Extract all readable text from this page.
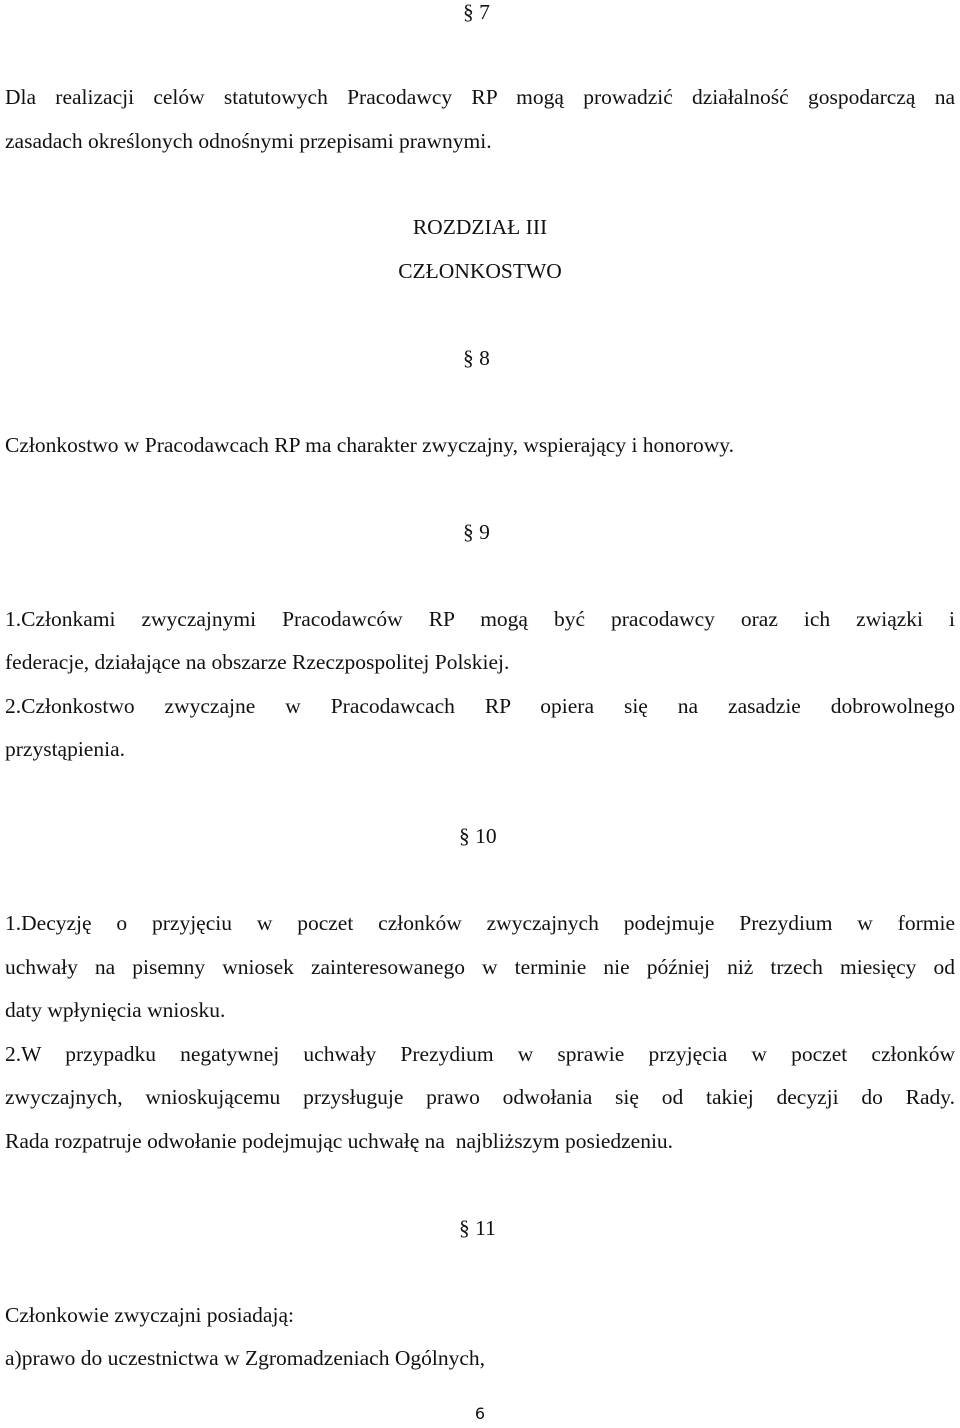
§ 7
Dla realizacji celów statutowych Pracodawcy RP mogą prowadzić działalność gospodarczą na
zasadach określonych odnośnymi przepisami prawnymi.
ROZDZIAŁ III
CZŁONKOSTWO
§ 8
Członkostwo w Pracodawcach RP ma charakter zwyczajny, wspierający i honorowy.
§ 9
1.Członkami zwyczajnymi Pracodawców RP mogą być pracodawcy oraz ich związki i
federacje, działające na obszarze Rzeczpospolitej Polskiej.
2.Członkostwo zwyczajne w Pracodawcach RP opiera się na zasadzie dobrowolnego
przystąpienia.
§ 10
1.Decyzję o przyjęciu w poczet członków zwyczajnych podejmuje Prezydium w formie
uchwały na pisemny wniosek zainteresowanego w terminie nie później niż trzech miesięcy od
daty wpłynięcia wniosku.
2.W przypadku negatywnej uchwały Prezydium w sprawie przyjęcia w poczet członków
zwyczajnych, wnioskującemu przysługuje prawo odwołania się od takiej decyzji do Rady.
Rada rozpatruje odwołanie podejmując uchwałę na  najbliższym posiedzeniu.
§ 11
Członkowie zwyczajni posiadają:
a)prawo do uczestnictwa w Zgromadzeniach Ogólnych,
6
